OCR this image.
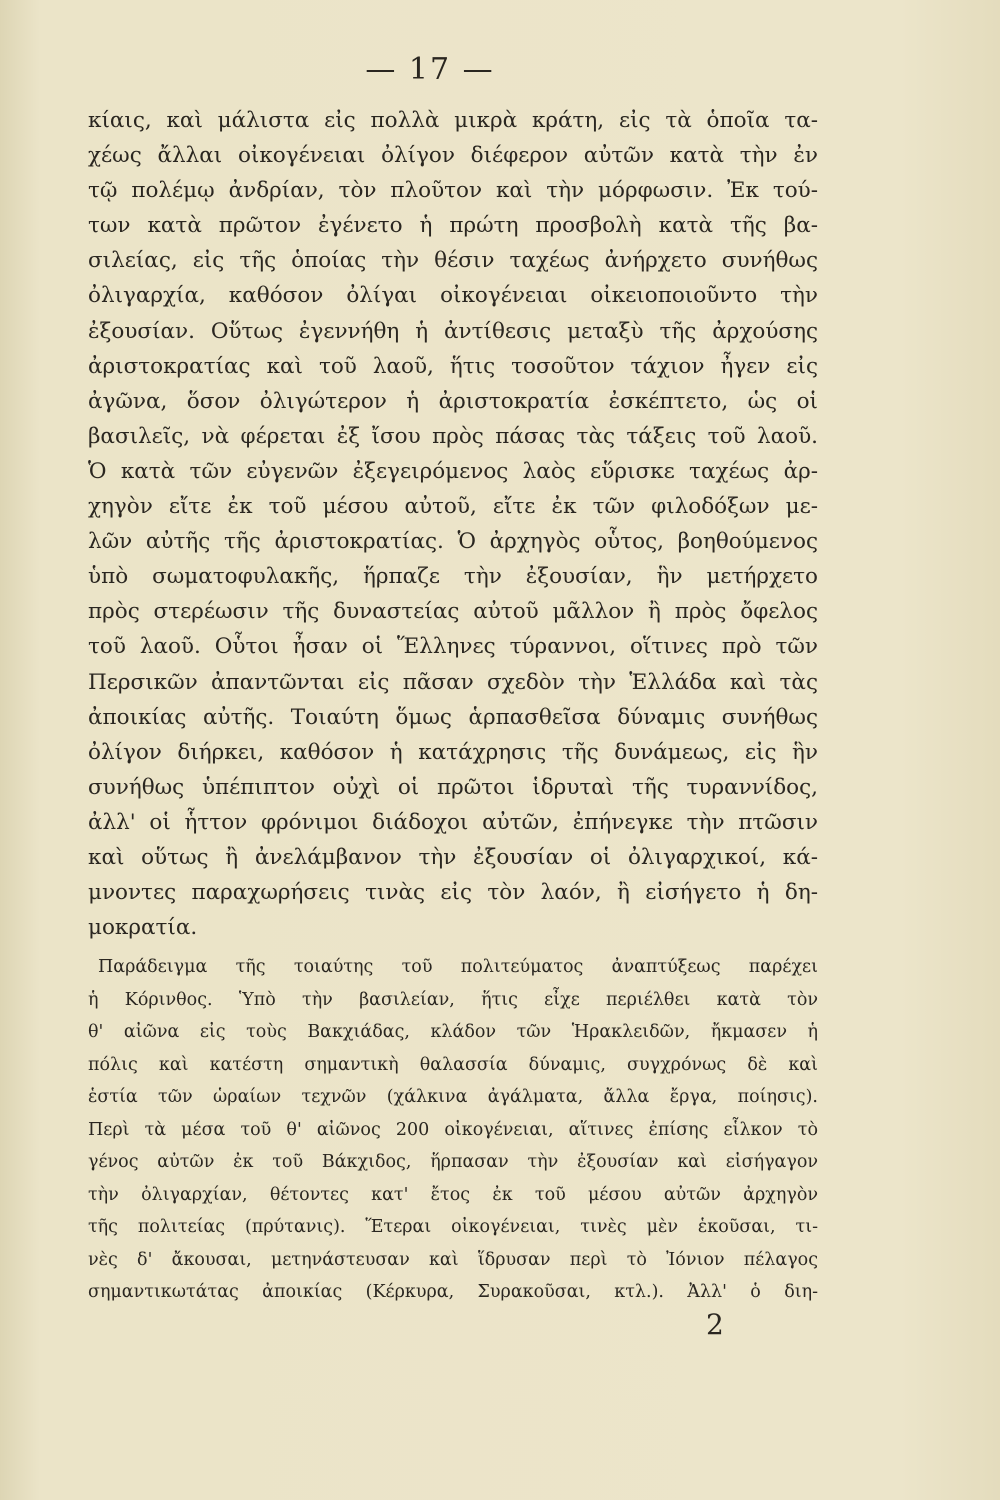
— 17 —
κίαις, καὶ μάλιστα εἰς πολλὰ μικρὰ κράτη, εἰς τὰ ὁποῖα τα-
χέως ἄλλαι οἰκογένειαι ὀλίγον διέφερον αὐτῶν κατὰ τὴν ἐν
τῷ πολέμῳ ἀνδρίαν, τὸν πλοῦτον καὶ τὴν μόρφωσιν. Ἐκ τού-
των κατὰ πρῶτον ἐγένετο ἡ πρώτη προσβολὴ κατὰ τῆς βα-
σιλείας, εἰς τῆς ὁποίας τὴν θέσιν ταχέως ἀνήρχετο συνήθως
ὀλιγαρχία, καθόσον ὀλίγαι οἰκογένειαι οἰκειοποιοῦντο τὴν
ἐξουσίαν. Οὕτως ἐγεννήθη ἡ ἀντίθεσις μεταξὺ τῆς ἀρχούσης
ἀριστοκρατίας καὶ τοῦ λαοῦ, ἥτις τοσοῦτον τάχιον ἦγεν εἰς
ἀγῶνα, ὅσον ὀλιγώτερον ἡ ἀριστοκρατία ἐσκέπτετο, ὡς οἱ
βασιλεῖς, νὰ φέρεται ἐξ ἴσου πρὸς πάσας τὰς τάξεις τοῦ λαοῦ.
Ὁ κατὰ τῶν εὐγενῶν ἐξεγειρόμενος λαὸς εὕρισκε ταχέως ἀρ-
χηγὸν εἴτε ἐκ τοῦ μέσου αὐτοῦ, εἴτε ἐκ τῶν φιλοδόξων με-
λῶν αὐτῆς τῆς ἀριστοκρατίας. Ὁ ἀρχηγὸς οὗτος, βοηθούμενος
ὑπὸ σωματοφυλακῆς, ἥρπαζε τὴν ἐξουσίαν, ἣν μετήρχετο
πρὸς στερέωσιν τῆς δυναστείας αὐτοῦ μᾶλλον ἢ πρὸς ὄφελος
τοῦ λαοῦ. Οὗτοι ἦσαν οἱ Ἕλληνες τύραννοι, οἵτινες πρὸ τῶν
Περσικῶν ἀπαντῶνται εἰς πᾶσαν σχεδὸν τὴν Ἑλλάδα καὶ τὰς
ἀποικίας αὐτῆς. Τοιαύτη ὅμως ἁρπασθεῖσα δύναμις συνήθως
ὀλίγον διήρκει, καθόσον ἡ κατάχρησις τῆς δυνάμεως, εἰς ἣν
συνήθως ὑπέπιπτον οὐχὶ οἱ πρῶτοι ἱδρυταὶ τῆς τυραννίδος,
ἀλλ' οἱ ἧττον φρόνιμοι διάδοχοι αὐτῶν, ἐπήνεγκε τὴν πτῶσιν
καὶ οὕτως ἢ ἀνελάμβανον τὴν ἐξουσίαν οἱ ὀλιγαρχικοί, κά-
μνοντες παραχωρήσεις τινὰς εἰς τὸν λαόν, ἢ εἰσήγετο ἡ δη-
μοκρατία.
Παράδειγμα τῆς τοιαύτης τοῦ πολιτεύματος ἀναπτύξεως παρέχει
ἡ Κόρινθος. Ὑπὸ τὴν βασιλείαν, ἥτις εἶχε περιέλθει κατὰ τὸν
θ' αἰῶνα εἰς τοὺς Βακχιάδας, κλάδον τῶν Ἡρακλειδῶν, ἤκμασεν ἡ
πόλις καὶ κατέστη σημαντικὴ θαλασσία δύναμις, συγχρόνως δὲ καὶ
ἑστία τῶν ὡραίων τεχνῶν (χάλκινα ἀγάλματα, ἄλλα ἔργα, ποίησις).
Περὶ τὰ μέσα τοῦ θ' αἰῶνος 200 οἰκογένειαι, αἵτινες ἐπίσης εἷλκον τὸ
γένος αὐτῶν ἐκ τοῦ Βάκχιδος, ἥρπασαν τὴν ἐξουσίαν καὶ εἰσήγαγον
τὴν ὀλιγαρχίαν, θέτοντες κατ' ἔτος ἐκ τοῦ μέσου αὐτῶν ἀρχηγὸν
τῆς πολιτείας (πρύτανις). Ἕτεραι οἰκογένειαι, τινὲς μὲν ἑκοῦσαι, τι-
νὲς δ' ἄκουσαι, μετηνάστευσαν καὶ ἵδρυσαν περὶ τὸ Ἰόνιον πέλαγος
σημαντικωτάτας ἀποικίας (Κέρκυρα, Συρακοῦσαι, κτλ.). Ἀλλ' ὁ διη-
2
